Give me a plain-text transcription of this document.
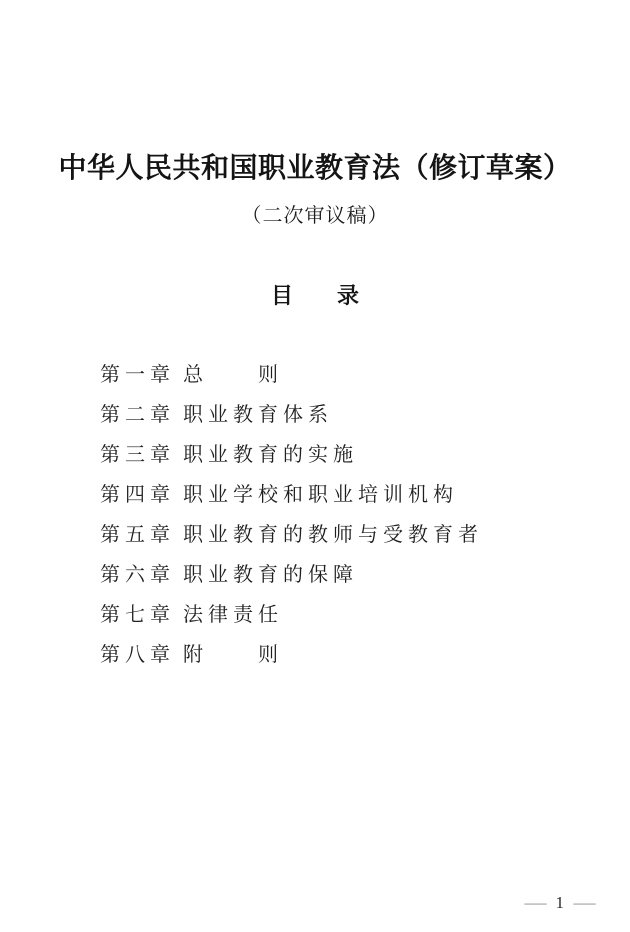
中华人民共和国职业教育法（修订草案）
（二次审议稿）
目　　录
第一章 总　　则
第二章 职业教育体系
第三章 职业教育的实施
第四章 职业学校和职业培训机构
第五章 职业教育的教师与受教育者
第六章 职业教育的保障
第七章 法律责任
第八章 附　　则
— 1 —
